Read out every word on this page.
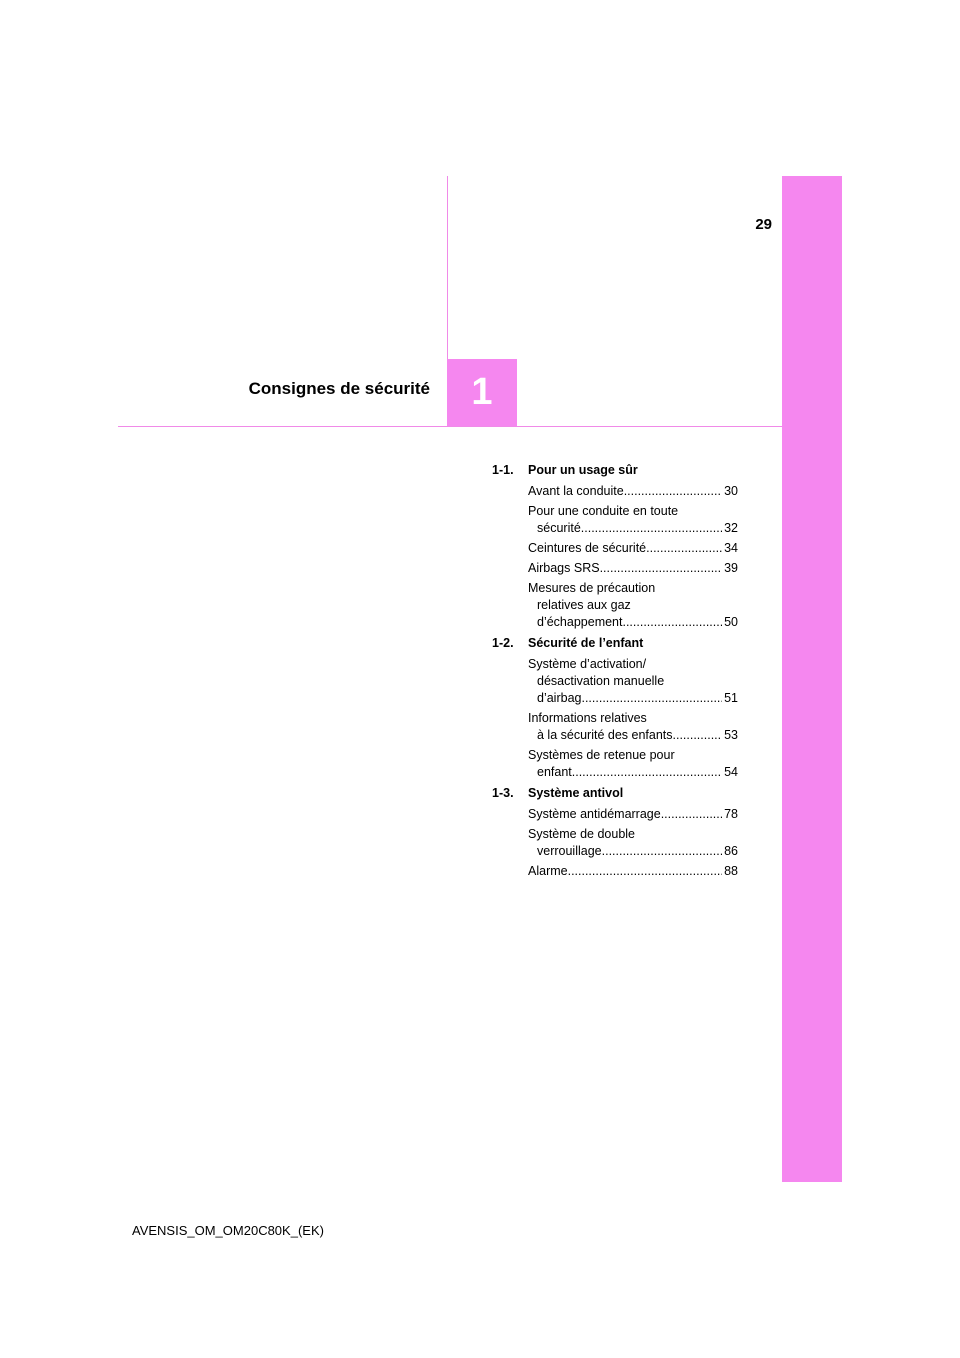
29
1
Consignes de sécurité
1-1.	Pour un usage sûr
Avant la conduite .....	30
Pour une conduite en toute
sécurité .....	32
Ceintures de sécurité .....	34
Airbags SRS .....	39
Mesures de précaution
relatives aux gaz
d’échappement .....	50
1-2.	Sécurité de l’enfant
Système d’activation/
désactivation manuelle
d’airbag .....	51
Informations relatives
à la sécurité des enfants .....	53
Systèmes de retenue pour
enfant .....	54
1-3.	Système antivol
Système antidémarrage .....	78
Système de double
verrouillage .....	86
Alarme .....	88
AVENSIS_OM_OM20C80K_(EK)
